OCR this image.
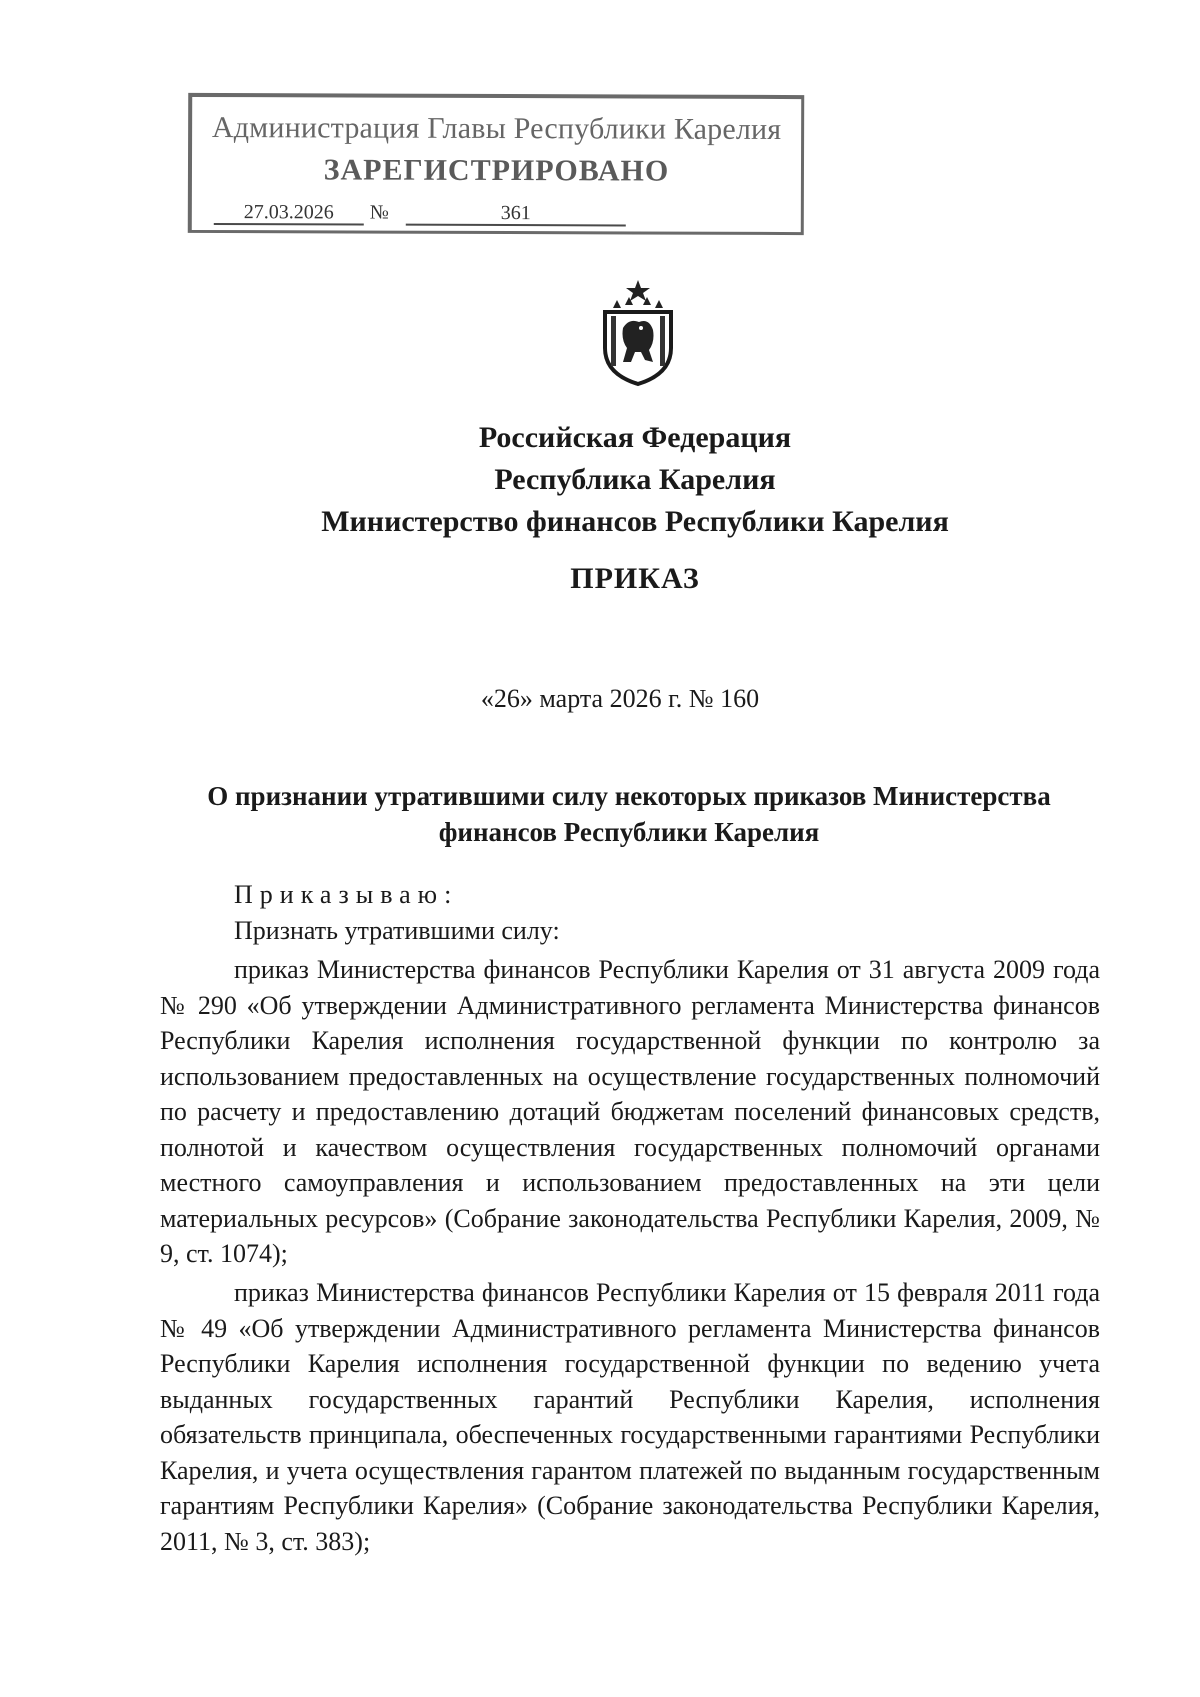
Администрация Главы Республики Карелия
ЗАРЕГИСТРИРОВАНО
27.03.2026	№	361
Российская Федерация
Республика Карелия
Министерство финансов Республики Карелия
ПРИКАЗ
«26» марта 2026 г. № 160
О признании утратившими силу некоторых приказов Министерства финансов Республики Карелия
Приказываю:
Признать утратившими силу:

приказ Министерства финансов Республики Карелия от 31 августа 2009 года № 290 «Об утверждении Административного регламента Министерства финансов Республики Карелия исполнения государственной функции по контролю за использованием предоставленных на осуществление государственных полномочий по расчету и предоставлению дотаций бюджетам поселений финансовых средств, полнотой и качеством осуществления государственных полномочий органами местного самоуправления и использованием предоставленных на эти цели материальных ресурсов» (Собрание законодательства Республики Карелия, 2009, № 9, ст. 1074);

приказ Министерства финансов Республики Карелия от 15 февраля 2011 года № 49 «Об утверждении Административного регламента Министерства финансов Республики Карелия исполнения государственной функции по ведению учета выданных государственных гарантий Республики Карелия, исполнения обязательств принципала, обеспеченных государственными гарантиями Республики Карелия, и учета осуществления гарантом платежей по выданным государственным гарантиям Республики Карелия» (Собрание законодательства Республики Карелия, 2011, № 3, ст. 383);
